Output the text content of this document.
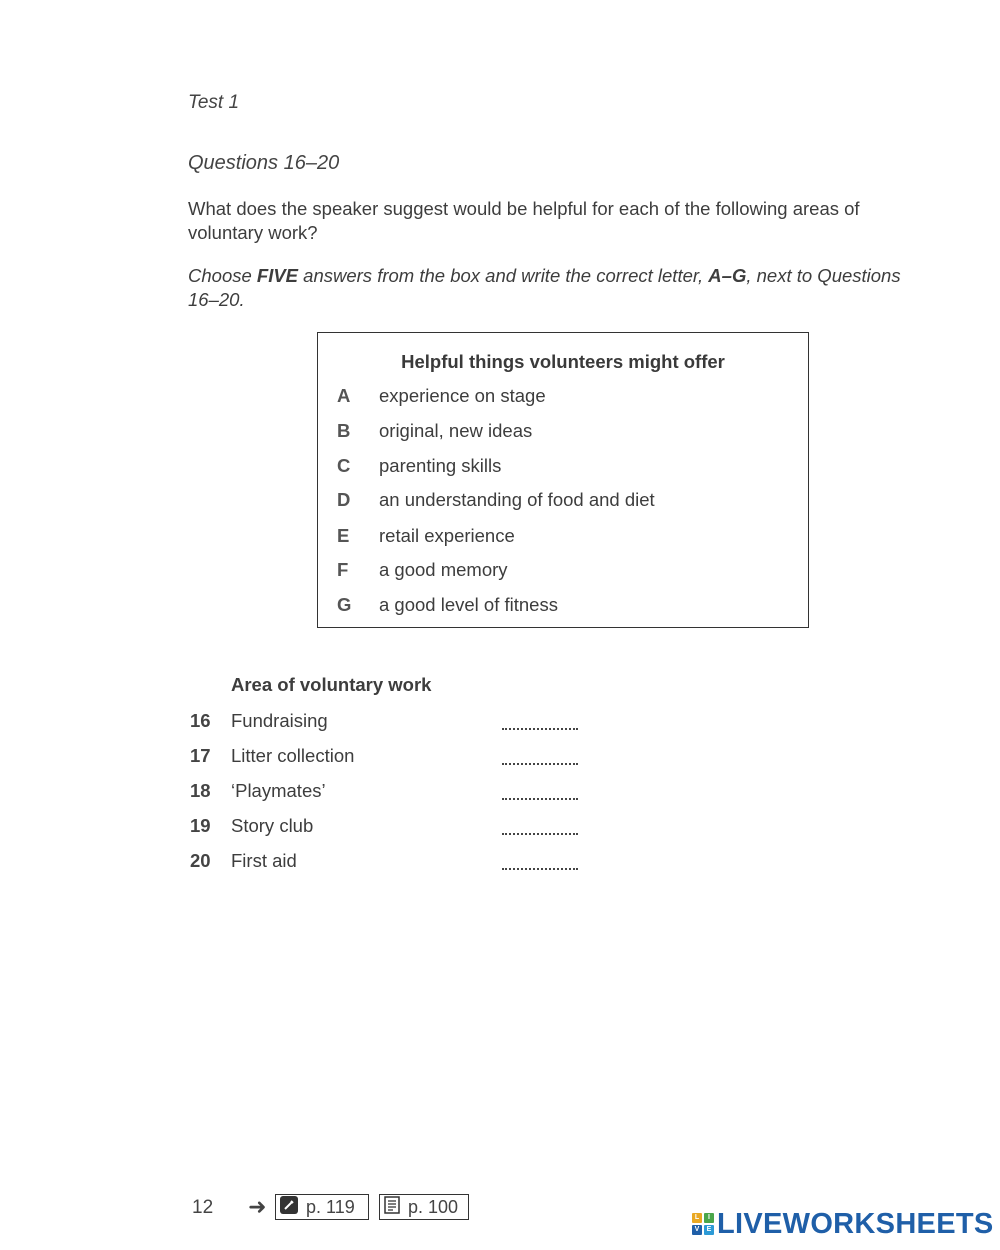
Test 1
Questions 16–20
What does the speaker suggest would be helpful for each of the following areas of voluntary work?
Choose FIVE answers from the box and write the correct letter, A–G, next to Questions 16–20.
Helpful things volunteers might offer
A experience on stage
B original, new ideas
C parenting skills
D an understanding of food and diet
E retail experience
F a good memory
G a good level of fitness
Area of voluntary work
16 Fundraising
17 Litter collection
18 ‘Playmates’
19 Story club
20 First aid
12 ➜ p. 119	p. 100
L	I
V	E LIVEWORKSHEETS
